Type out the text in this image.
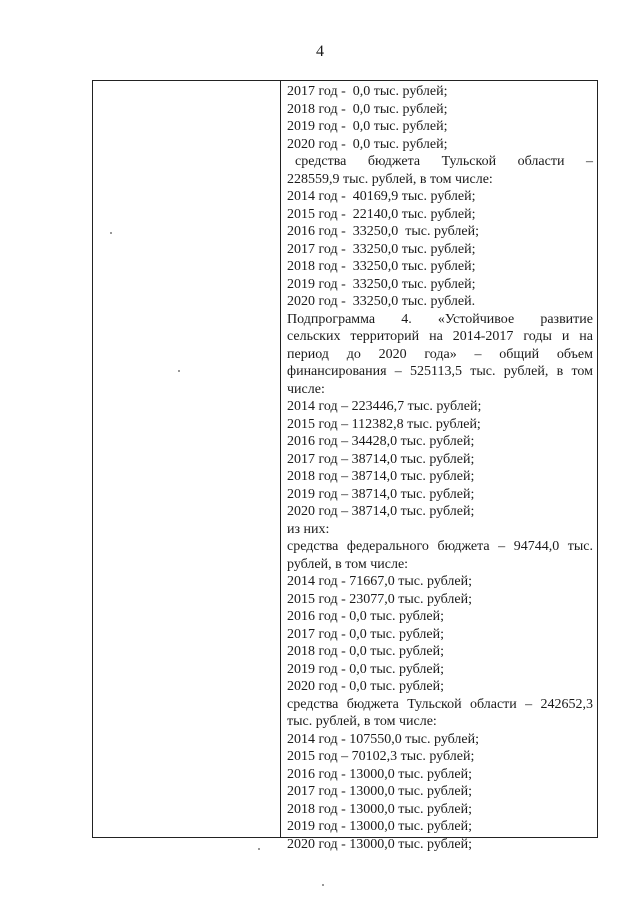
4
2017 год -  0,0 тыс. рублей;
2018 год -  0,0 тыс. рублей;
2019 год -  0,0 тыс. рублей;
2020 год -  0,0 тыс. рублей;
средства бюджета Тульской области –
228559,9 тыс. рублей, в том числе:
2014 год -  40169,9 тыс. рублей;
2015 год -  22140,0 тыс. рублей;
2016 год -  33250,0  тыс. рублей;
2017 год -  33250,0 тыс. рублей;
2018 год -  33250,0 тыс. рублей;
2019 год -  33250,0 тыс. рублей;
2020 год -  33250,0 тыс. рублей.
Подпрограмма 4. «Устойчивое развитие
сельских территорий на 2014-2017 годы и на
период до 2020 года» – общий объем
финансирования – 525113,5 тыс. рублей, в том
числе:
2014 год – 223446,7 тыс. рублей;
2015 год – 112382,8 тыс. рублей;
2016 год – 34428,0 тыс. рублей;
2017 год – 38714,0 тыс. рублей;
2018 год – 38714,0 тыс. рублей;
2019 год – 38714,0 тыс. рублей;
2020 год – 38714,0 тыс. рублей;
из них:
средства федерального бюджета – 94744,0 тыс.
рублей, в том числе:
2014 год - 71667,0 тыс. рублей;
2015 год - 23077,0 тыс. рублей;
2016 год - 0,0 тыс. рублей;
2017 год - 0,0 тыс. рублей;
2018 год - 0,0 тыс. рублей;
2019 год - 0,0 тыс. рублей;
2020 год - 0,0 тыс. рублей;
средства бюджета Тульской области – 242652,3
тыс. рублей, в том числе:
2014 год - 107550,0 тыс. рублей;
2015 год – 70102,3 тыс. рублей;
2016 год - 13000,0 тыс. рублей;
2017 год - 13000,0 тыс. рублей;
2018 год - 13000,0 тыс. рублей;
2019 год - 13000,0 тыс. рублей;
2020 год - 13000,0 тыс. рублей;
